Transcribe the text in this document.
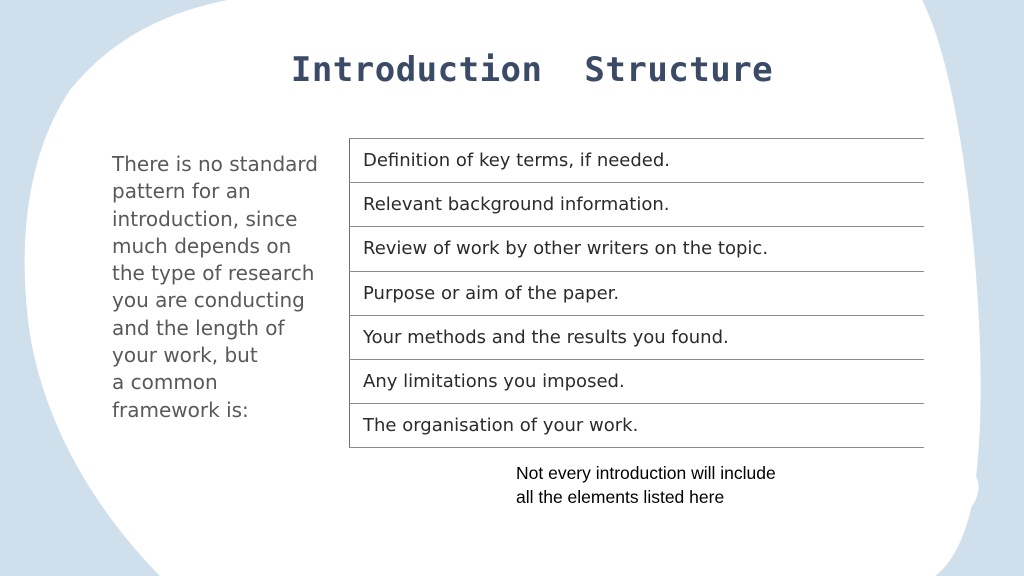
Introduction  Structure

There is no standard
pattern for an
introduction, since
much depends on
the type of research
you are conducting
and the length of
your work, but
a common
framework is:

Definition of key terms, if needed.
Relevant background information.
Review of work by other writers on the topic.
Purpose or aim of the paper.
Your methods and the results you found.
Any limitations you imposed.
The organisation of your work.

Not every introduction will include
all the elements listed here
